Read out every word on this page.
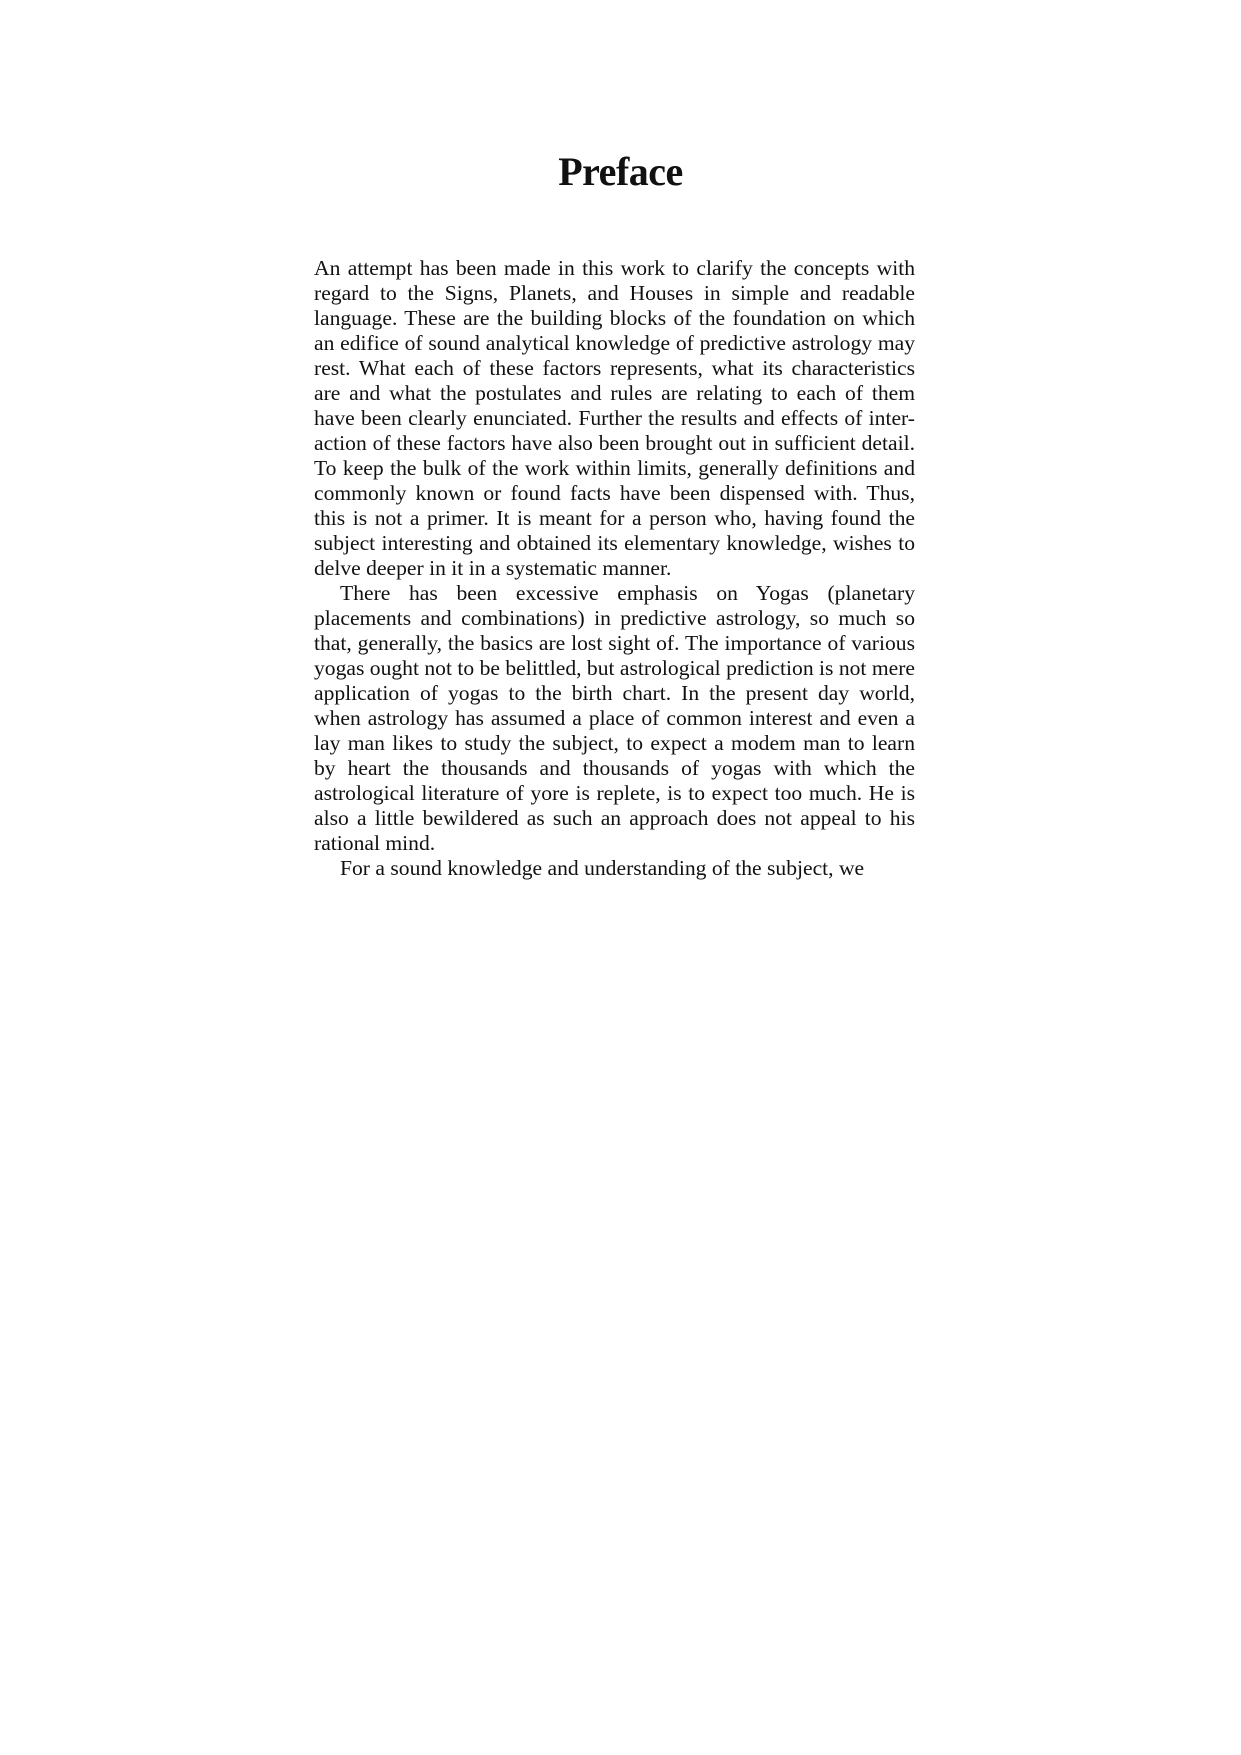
Preface

An attempt has been made in this work to clarify the concepts with regard to the Signs, Planets, and Houses in simple and readable language. These are the building blocks of the foundation on which an edifice of sound analytical knowledge of predictive astrology may rest. What each of these factors represents, what its characteristics are and what the postulates and rules are relating to each of them have been clearly enunciated. Further the results and effects of inter-action of these factors have also been brought out in sufficient detail. To keep the bulk of the work within limits, generally definitions and commonly known or found facts have been dispensed with. Thus, this is not a primer. It is meant for a person who, having found the subject interesting and obtained its elementary knowledge, wishes to delve deeper in it in a systematic manner.

There has been excessive emphasis on Yogas (planetary placements and combinations) in predictive astrology, so much so that, generally, the basics are lost sight of. The importance of various yogas ought not to be belittled, but astrological prediction is not mere application of yogas to the birth chart. In the present day world, when astrology has assumed a place of common interest and even a lay man likes to study the subject, to expect a modem man to learn by heart the thousands and thousands of yogas with which the astrological literature of yore is replete, is to expect too much. He is also a little bewildered as such an approach does not appeal to his rational mind.

For a sound knowledge and understanding of the subject, we
